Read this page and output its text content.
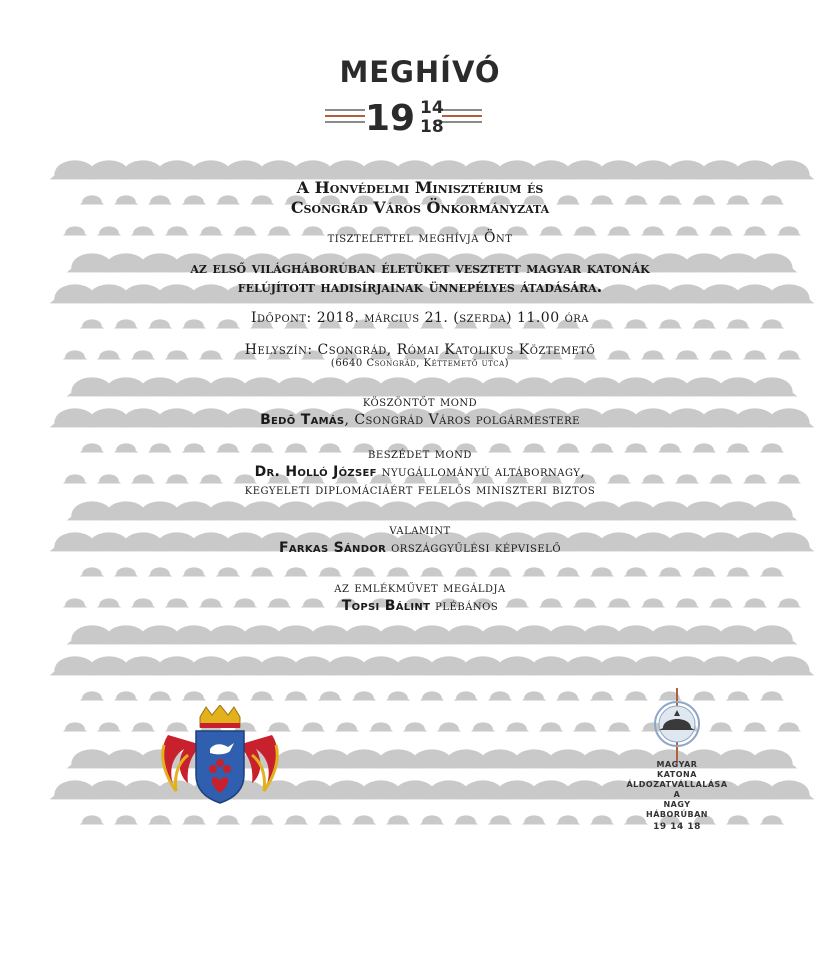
MEGHÍVÓ
19 14
18

A Honvédelmi Minisztérium és

Csongrád Város Önkormányzata

tisztelettel meghívja Önt

az első világháborúban életüket vesztett magyar katonák

felújított hadisírjainak ünnepélyes átadására.

Időpont: 2018. március 21. (szerda) 11.00 óra

Helyszín: Csongrád, Római Katolikus Köztemető

(6640 Csongrád, Kéttemető utca)

köszöntőt mond

Bedő Tamás, Csongrád Város polgármestere

beszédet mond

Dr. Holló József nyugállományú altábornagy,

kegyeleti diplomáciáért felelős miniszteri biztos

valamint

Farkas Sándor országgyűlési képviselő

az emlékművet megáldja

Topsi Bálint plébános

MAGYAR
KATONA
ÁLDOZATVÁLLALÁSA
A
NAGY
HÁBORÚBAN
19 14 18
